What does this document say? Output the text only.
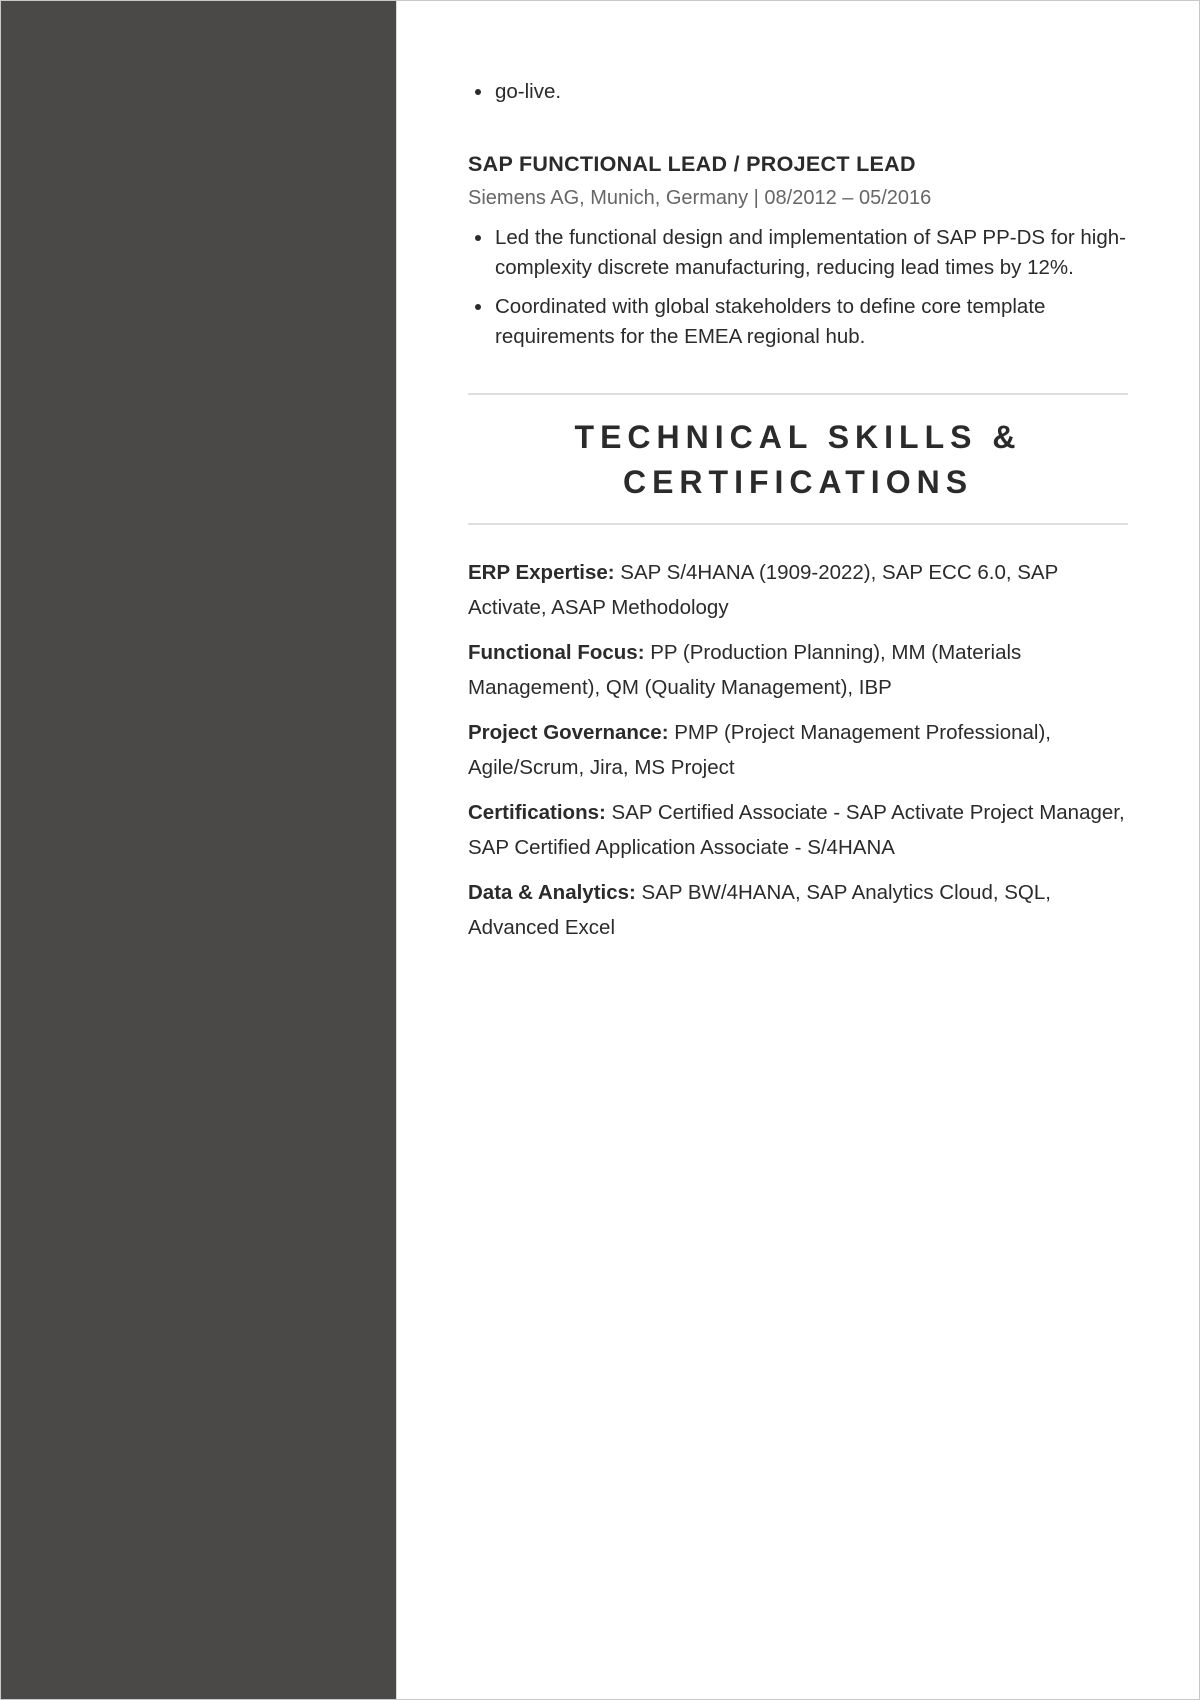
go-live.
SAP FUNCTIONAL LEAD / PROJECT LEAD
Siemens AG, Munich, Germany | 08/2012 – 05/2016
Led the functional design and implementation of SAP PP-DS for high-complexity discrete manufacturing, reducing lead times by 12%.
Coordinated with global stakeholders to define core template requirements for the EMEA regional hub.
TECHNICAL SKILLS &
CERTIFICATIONS

ERP Expertise: SAP S/4HANA (1909-2022), SAP ECC 6.0, SAP Activate, ASAP Methodology

Functional Focus: PP (Production Planning), MM (Materials Management), QM (Quality Management), IBP

Project Governance: PMP (Project Management Professional), Agile/Scrum, Jira, MS Project

Certifications: SAP Certified Associate - SAP Activate Project Manager, SAP Certified Application Associate - S/4HANA

Data & Analytics: SAP BW/4HANA, SAP Analytics Cloud, SQL, Advanced Excel
